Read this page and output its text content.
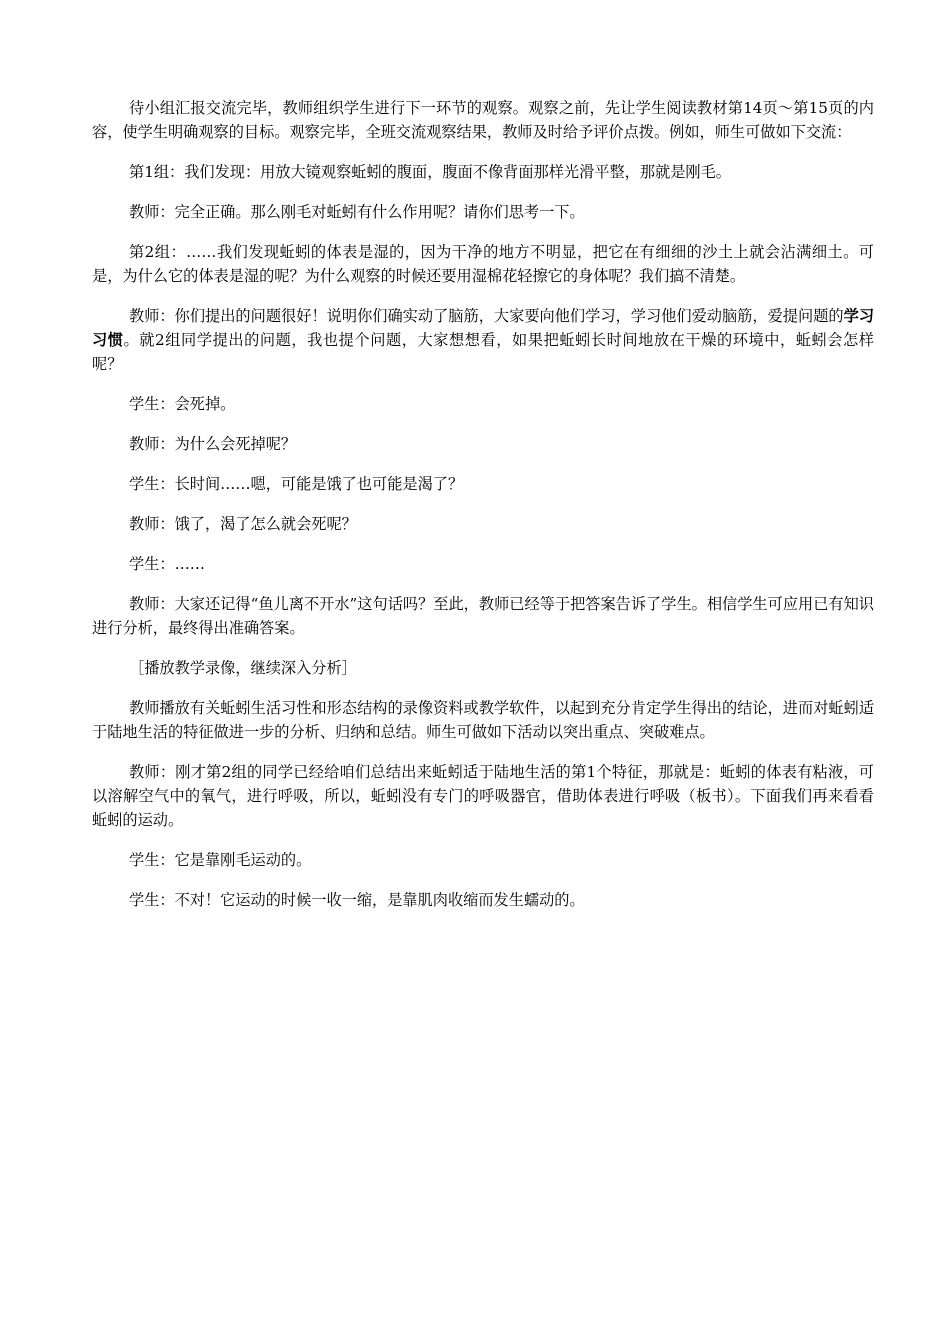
待小组汇报交流完毕，教师组织学生进行下一环节的观察。观察之前，先让学生阅读教材第14页～第15页的内容，使学生明确观察的目标。观察完毕，全班交流观察结果，教师及时给予评价点拨。例如，师生可做如下交流：

第1组：我们发现：用放大镜观察蚯蚓的腹面，腹面不像背面那样光滑平整，那就是刚毛。

教师：完全正确。那么刚毛对蚯蚓有什么作用呢？请你们思考一下。

第2组：……我们发现蚯蚓的体表是湿的，因为干净的地方不明显，把它在有细细的沙土上就会沾满细土。可是，为什么它的体表是湿的呢？为什么观察的时候还要用湿棉花轻擦它的身体呢？我们搞不清楚。

教师：你们提出的问题很好！说明你们确实动了脑筋，大家要向他们学习，学习他们爱动脑筋，爱提问题的学习习惯。就2组同学提出的问题，我也提个问题，大家想想看，如果把蚯蚓长时间地放在干燥的环境中，蚯蚓会怎样呢？

学生：会死掉。

教师：为什么会死掉呢？

学生：长时间……嗯，可能是饿了也可能是渴了？

教师：饿了，渴了怎么就会死呢？

学生：……

教师：大家还记得“鱼儿离不开水”这句话吗？至此，教师已经等于把答案告诉了学生。相信学生可应用已有知识进行分析，最终得出准确答案。

［播放教学录像，继续深入分析］

教师播放有关蚯蚓生活习性和形态结构的录像资料或教学软件，以起到充分肯定学生得出的结论，进而对蚯蚓适于陆地生活的特征做进一步的分析、归纳和总结。师生可做如下活动以突出重点、突破难点。

教师：刚才第2组的同学已经给咱们总结出来蚯蚓适于陆地生活的第1个特征，那就是：蚯蚓的体表有粘液，可以溶解空气中的氧气，进行呼吸，所以，蚯蚓没有专门的呼吸器官，借助体表进行呼吸（板书）。下面我们再来看看蚯蚓的运动。

学生：它是靠刚毛运动的。

学生：不对！它运动的时候一收一缩，是靠肌肉收缩而发生蠕动的。
